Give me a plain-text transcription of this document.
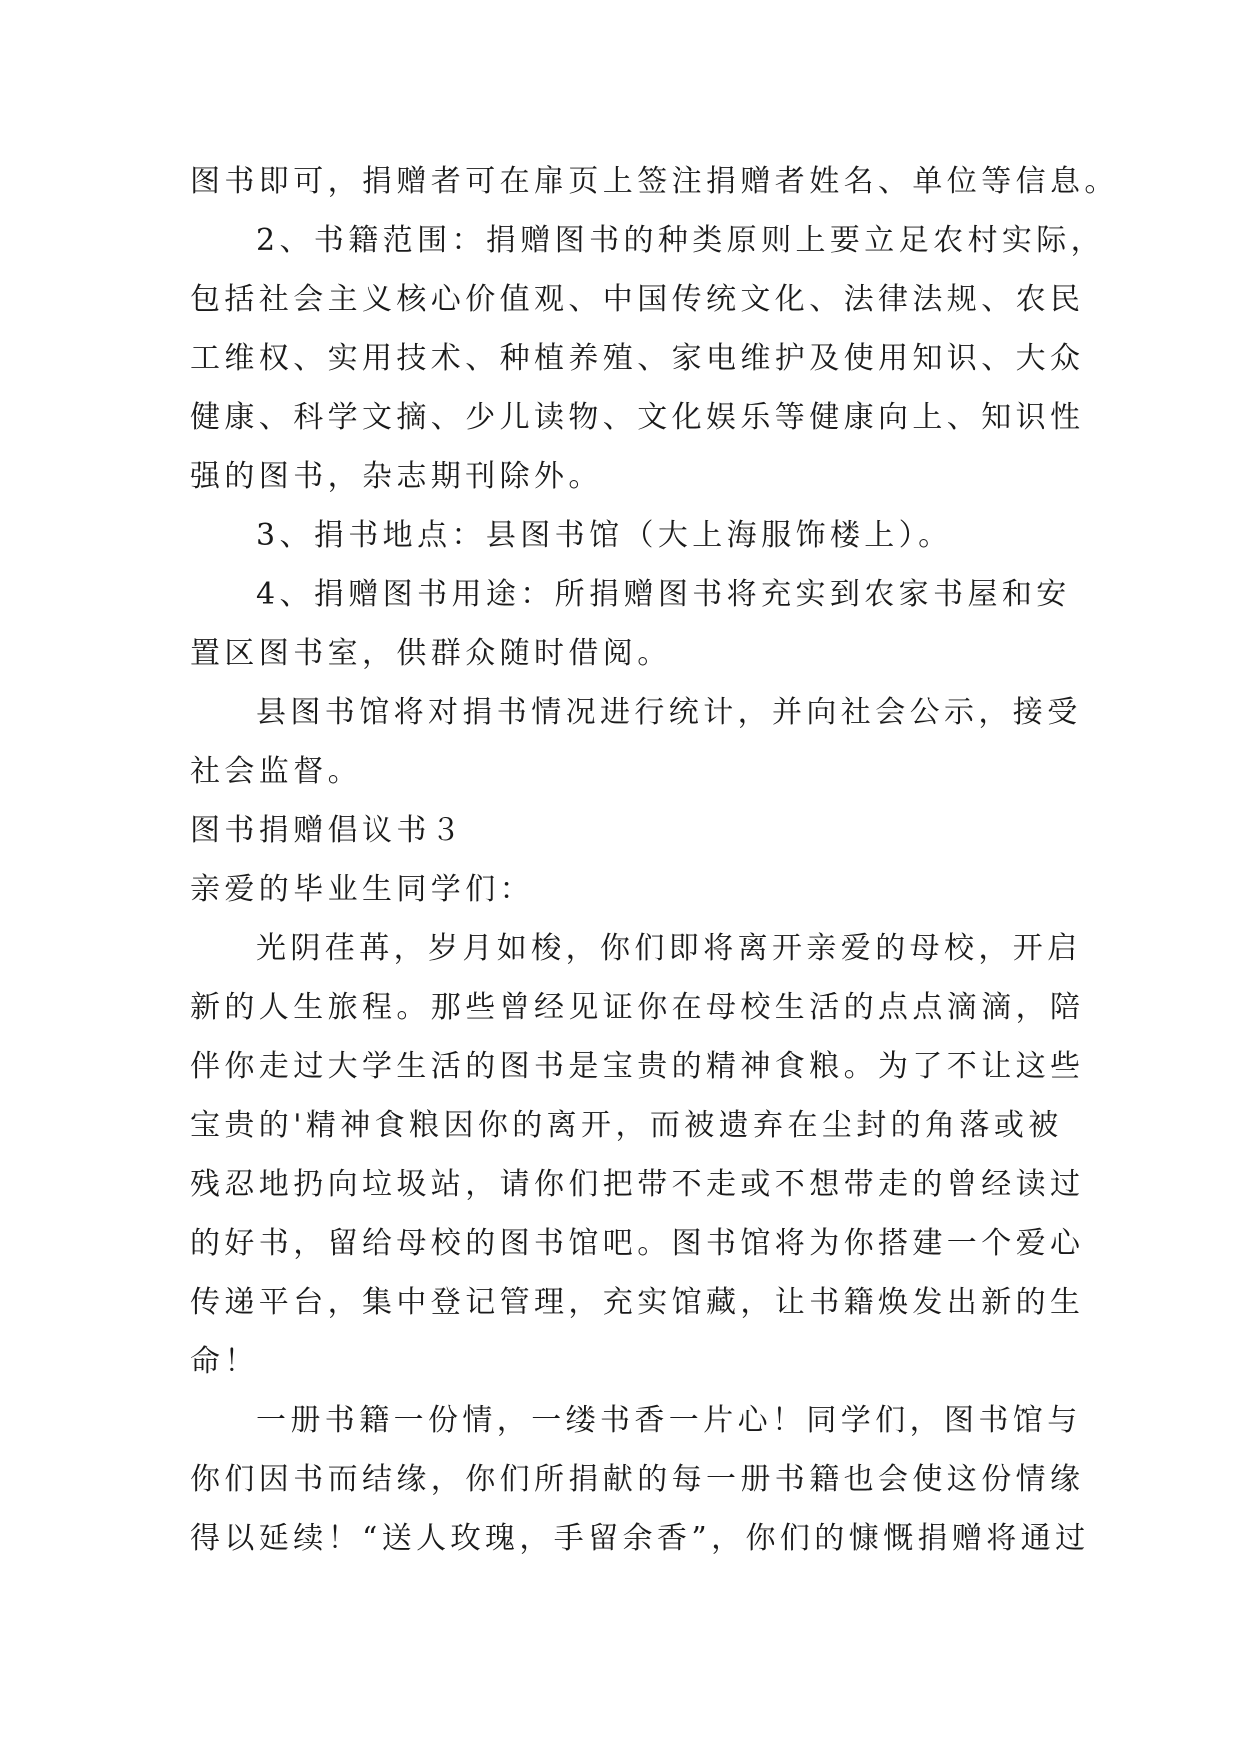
图书即可，捐赠者可在扉页上签注捐赠者姓名、单位等信息。
2、书籍范围：捐赠图书的种类原则上要立足农村实际，
包括社会主义核心价值观、中国传统文化、法律法规、农民
工维权、实用技术、种植养殖、家电维护及使用知识、大众
健康、科学文摘、少儿读物、文化娱乐等健康向上、知识性
强的图书，杂志期刊除外。
3、捐书地点：县图书馆（大上海服饰楼上）。
4、捐赠图书用途：所捐赠图书将充实到农家书屋和安
置区图书室，供群众随时借阅。
县图书馆将对捐书情况进行统计，并向社会公示，接受
社会监督。
图书捐赠倡议书３
亲爱的毕业生同学们：
光阴荏苒，岁月如梭，你们即将离开亲爱的母校，开启
新的人生旅程。那些曾经见证你在母校生活的点点滴滴，陪
伴你走过大学生活的图书是宝贵的精神食粮。为了不让这些
宝贵的'精神食粮因你的离开，而被遗弃在尘封的角落或被
残忍地扔向垃圾站，请你们把带不走或不想带走的曾经读过
的好书，留给母校的图书馆吧。图书馆将为你搭建一个爱心
传递平台，集中登记管理，充实馆藏，让书籍焕发出新的生
命！
一册书籍一份情，一缕书香一片心！同学们，图书馆与
你们因书而结缘，你们所捐献的每一册书籍也会使这份情缘
得以延续！“送人玫瑰，手留余香”，你们的慷慨捐赠将通过
